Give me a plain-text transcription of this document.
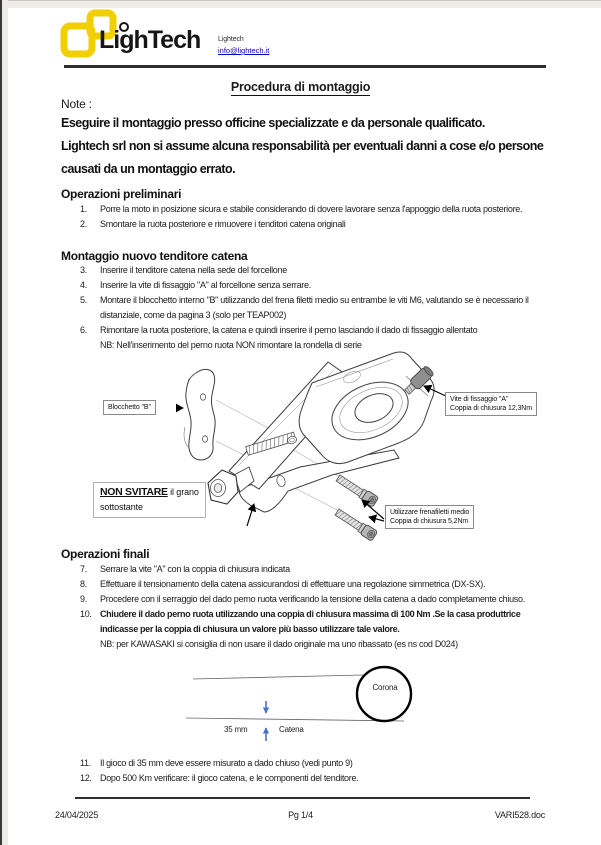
LighTech	Lightech
info@lightech.it
Procedura di montaggio
Note :
Eseguire il montaggio presso officine specializzate e da personale qualificato.
Lightech srl non si assume alcuna responsabilità per eventuali danni a cose e/o persone
causati da un montaggio errato.
Operazioni preliminari
1.	Porre la moto in posizione sicura e stabile considerando di dovere lavorare senza l'appoggio della ruota posteriore.
2.	Smontare la ruota posteriore e rimuovere i tenditori catena originali
Montaggio nuovo tenditore catena
3.	Inserire il tenditore catena nella sede del forcellone
4.	Inserire la vite di fissaggio "A" al forcellone senza serrare.
5.	Montare il blocchetto interno "B" utilizzando del frena filetti medio su entrambe le viti M6, valutando se è necessario il distanziale, come da pagina 3 (solo per TEAP002)
6.	Rimontare la ruota posteriore, la catena e quindi inserire il perno lasciando il dado di fissaggio allentato
NB: Nell'inserimento del perno ruota NON rimontare la rondella di serie
Blocchetto "B"
Vite di fissaggio "A"
Coppia di chiusura 12,3Nm
NON SVITARE il grano
sottostante
Utilizzare frenafiletti medio
Coppia di chiusura 5,2Nm
Operazioni finali
7.	Serrare la vite "A" con la coppia di chiusura indicata
8.	Effettuare il tensionamento della catena assicurandosi di effettuare una regolazione simmetrica (DX-SX).
9.	Procedere con il serraggio del dado perno ruota verificando la tensione della catena a dado completamente chiuso.
10. Chiudere il dado perno ruota utilizzando una coppia di chiusura massima di 100 Nm .Se la casa produttrice indicasse per la coppia di chiusura un valore più basso utilizzare tale valore.
NB: per KAWASAKI si consiglia di non usare il dado originale ma uno ribassato (es ns cod D024)
Corona
35 mm	Catena
11.	Il gioco di 35 mm deve essere misurato a dado chiuso (vedi punto 9)
12. Dopo 500 Km verificare: il gioco catena, e le componenti del tenditore.
24/04/2025	Pg 1/4	VARI528.doc
